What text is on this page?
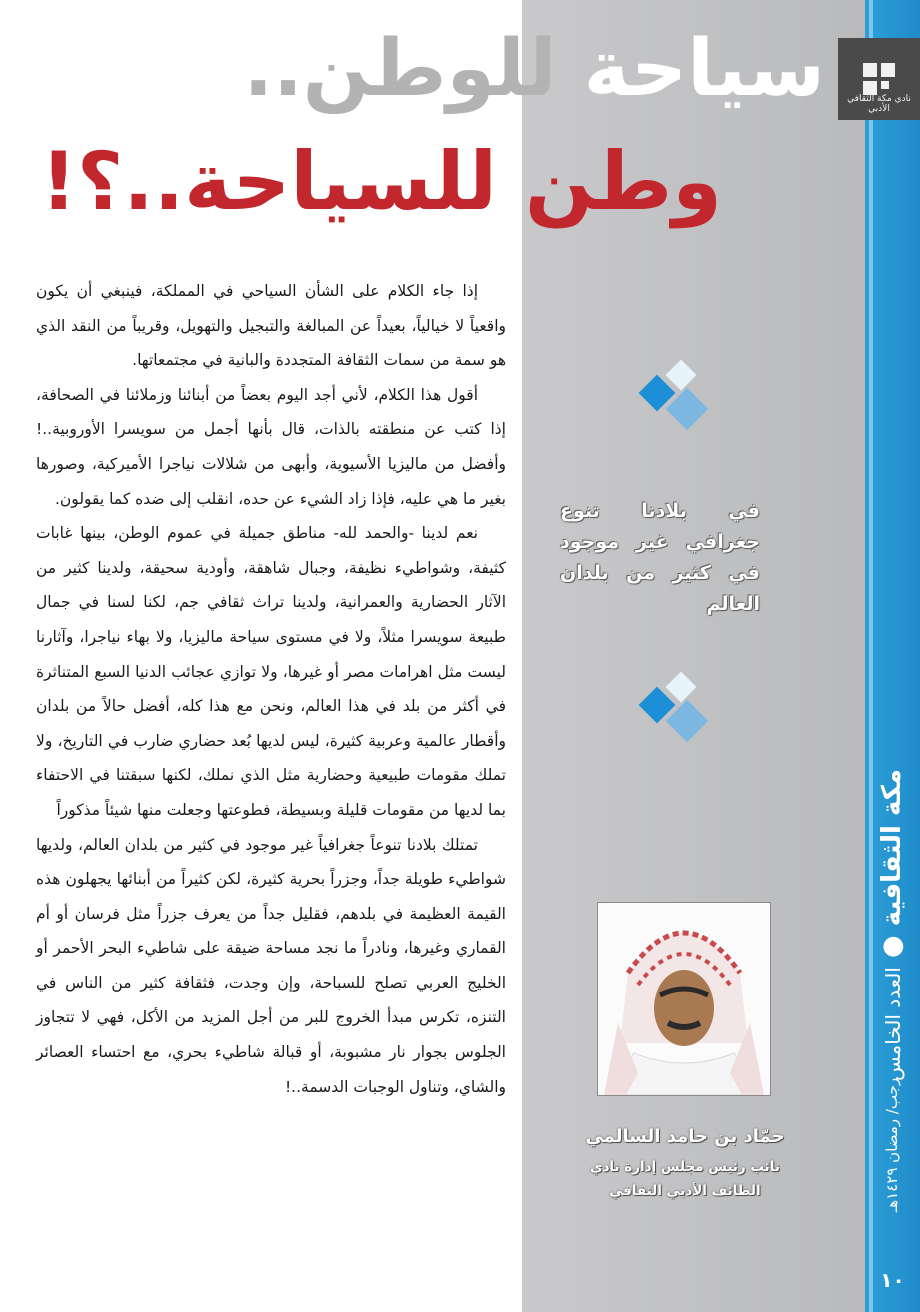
نادي مكة الثقافي الأدبي
سياحة للوطن..
وطن للسياحة..؟!

إذا جاء الكلام على الشأن السياحي في المملكة، فينبغي أن يكون واقعياً لا خيالياً، بعيداً عن المبالغة والتبجيل والتهويل، وقريباً من النقد الذي هو سمة من سمات الثقافة المتجددة والبانية في مجتمعاتها.

أقول هذا الكلام، لأني أجد اليوم بعضاً من أبنائنا وزملائنا في الصحافة، إذا كتب عن منطقته بالذات، قال بأنها أجمل من سويسرا الأوروبية..! وأفضل من ماليزيا الأسيوية، وأبهى من شلالات نياجرا الأميركية، وصورها بغير ما هي عليه، فإذا زاد الشيء عن حده، انقلب إلى ضده كما يقولون.

نعم لدينا -والحمد لله- مناطق جميلة في عموم الوطن، بينها غابات كثيفة، وشواطيء نظيفة، وجبال شاهقة، وأودية سحيقة، ولدينا كثير من الآثار الحضارية والعمرانية، ولدينا تراث ثقافي جم، لكنا لسنا في جمال طبيعة سويسرا مثلاً، ولا في مستوى سياحة ماليزيا، ولا بهاء نياجرا، وآثارنا ليست مثل اهرامات مصر أو غيرها، ولا توازي عجائب الدنيا السبع المتناثرة في أكثر من بلد في هذا العالم، ونحن مع هذا كله، أفضل حالاً من بلدان وأقطار عالمية وعربية كثيرة، ليس لديها بُعد حضاري ضارب في التاريخ، ولا تملك مقومات طبيعية وحضارية مثل الذي نملك، لكنها سبقتنا في الاحتفاء بما لديها من مقومات قليلة وبسيطة، فطوعتها وجعلت منها شيئاً مذكوراً

تمتلك بلادنا تنوعاً جغرافياً غير موجود في كثير من بلدان العالم، ولديها شواطيء طويلة جداً، وجزراً بحرية كثيرة، لكن كثيراً من أبنائها يجهلون هذه القيمة العظيمة في بلدهم، فقليل جداً من يعرف جزراً مثل فرسان أو أم القماري وغيرها، ونادراً ما نجد مساحة ضيقة على شاطيء البحر الأحمر أو الخليج العربي تصلح للسباحة، وإن وجدت، فثقافة كثير من الناس في التنزه، تكرس مبدأ الخروج للبر من أجل المزيد من الأكل، فهي لا تتجاوز الجلوس بجوار نار مشبوبة، أو قبالة شاطيء بحري، مع احتساء العصائر والشاي، وتناول الوجبات الدسمة..!

في بلادنا تنوع جغرافي غير موجود في كثير من بلدان العالم
حمّاد بن حامد السالمي
نائب رئيس مجلس إدارة نادي
الطائف الأدبي الثقافي
مكة الثقافية ● العدد الخامس
رجب/ رمضان ١٤٢٩هـ
١٠
